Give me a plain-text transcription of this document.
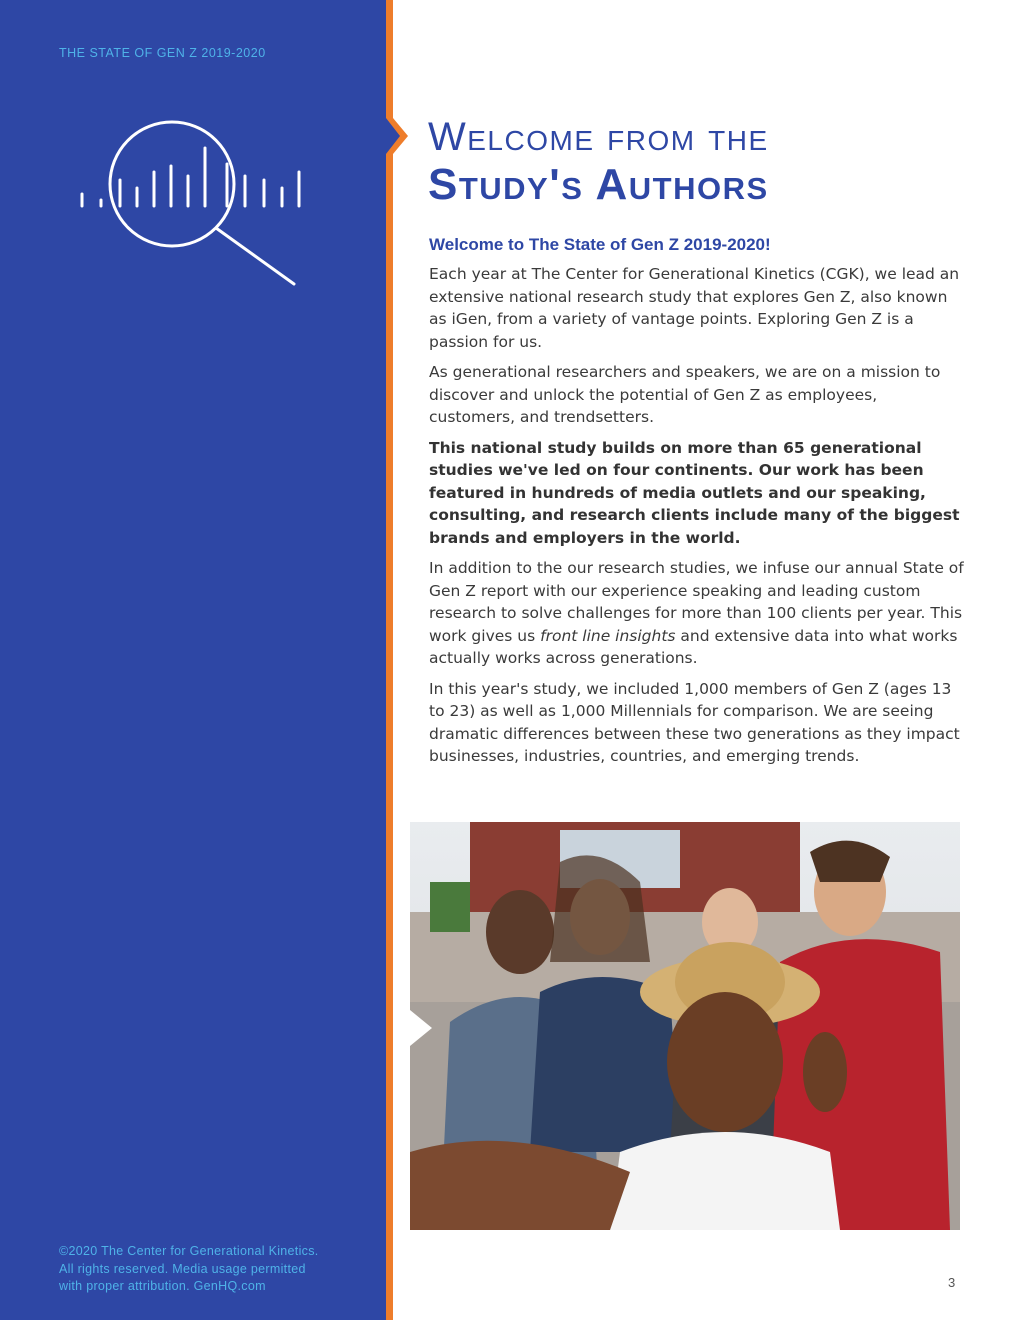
THE STATE OF GEN Z 2019-2020

©2020 The Center for Generational Kinetics.
All rights reserved. Media usage permitted
with proper attribution. GenHQ.com

Welcome from the
Study's Authors
Welcome to The State of Gen Z 2019-2020!

Each year at The Center for Generational Kinetics (CGK), we lead an extensive national research study that explores Gen Z, also known as iGen, from a variety of vantage points. Exploring Gen Z is a passion for us.

As generational researchers and speakers, we are on a mission to discover and unlock the potential of Gen Z as employees, customers, and trendsetters.

This national study builds on more than 65 generational studies we've led on four continents. Our work has been featured in hundreds of media outlets and our speaking, consulting, and research clients include many of the biggest brands and employers in the world.

In addition to the our research studies, we infuse our annual State of Gen Z report with our experience speaking and leading custom research to solve challenges for more than 100 clients per year. This work gives us front line insights and extensive data into what works actually works across generations.

In this year's study, we included 1,000 members of Gen Z (ages 13 to 23) as well as 1,000 Millennials for comparison. We are seeing dramatic differences between these two generations as they impact businesses, industries, countries, and emerging trends.

3
